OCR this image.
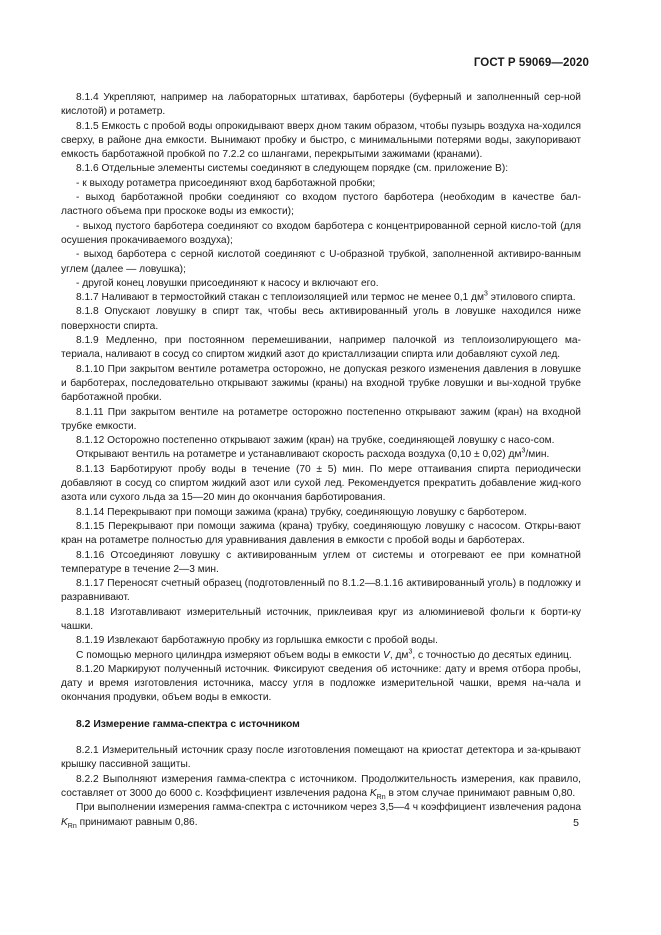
ГОСТ Р 59069—2020

8.1.4 Укрепляют, например на лабораторных штативах, барботеры (буферный и заполненный сер-ной кислотой) и ротаметр.

8.1.5 Емкость с пробой воды опрокидывают вверх дном таким образом, чтобы пузырь воздуха на-ходился сверху, в районе дна емкости. Вынимают пробку и быстро, с минимальными потерями воды, закупоривают емкость барботажной пробкой по 7.2.2 со шлангами, перекрытыми зажимами (кранами).

8.1.6 Отдельные элементы системы соединяют в следующем порядке (см. приложение В):

- к выходу ротаметра присоединяют вход барботажной пробки;

- выход барботажной пробки соединяют со входом пустого барботера (необходим в качестве бал-ластного объема при проскоке воды из емкости);

- выход пустого барботера соединяют со входом барботера с концентрированной серной кисло-той (для осушения прокачиваемого воздуха);

- выход барботера с серной кислотой соединяют с U-образной трубкой, заполненной активиро-ванным углем (далее — ловушка);

- другой конец ловушки присоединяют к насосу и включают его.

8.1.7 Наливают в термостойкий стакан с теплоизоляцией или термос не менее 0,1 $дм^3$ этилового спирта.

8.1.8 Опускают ловушку в спирт так, чтобы весь активированный уголь в ловушке находился ниже поверхности спирта.

8.1.9 Медленно, при постоянном перемешивании, например палочкой из теплоизолирующего ма-териала, наливают в сосуд со спиртом жидкий азот до кристаллизации спирта или добавляют сухой лед.

8.1.10 При закрытом вентиле ротаметра осторожно, не допуская резкого изменения давления в ловушке и барботерах, последовательно открывают зажимы (краны) на входной трубке ловушки и вы-ходной трубке барботажной пробки.

8.1.11 При закрытом вентиле на ротаметре осторожно постепенно открывают зажим (кран) на входной трубке емкости.

8.1.12 Осторожно постепенно открывают зажим (кран) на трубке, соединяющей ловушку с насо-сом.

Открывают вентиль на ротаметре и устанавливают скорость расхода воздуха (0,10 ± 0,02) $дм^3$/мин.

8.1.13 Барботируют пробу воды в течение (70 ± 5) мин. По мере оттаивания спирта периодически добавляют в сосуд со спиртом жидкий азот или сухой лед. Рекомендуется прекратить добавление жид-кого азота или сухого льда за 15—20 мин до окончания барботирования.

8.1.14 Перекрывают при помощи зажима (крана) трубку, соединяющую ловушку с барботером.

8.1.15 Перекрывают при помощи зажима (крана) трубку, соединяющую ловушку с насосом. Откры-вают кран на ротаметре полностью для уравнивания давления в емкости с пробой воды и барботерах.

8.1.16 Отсоединяют ловушку с активированным углем от системы и отогревают ее при комнатной температуре в течение 2—3 мин.

8.1.17 Переносят счетный образец (подготовленный по 8.1.2—8.1.16 активированный уголь) в подложку и разравнивают.

8.1.18 Изготавливают измерительный источник, приклеивая круг из алюминиевой фольги к борти-ку чашки.

8.1.19 Извлекают барботажную пробку из горлышка емкости с пробой воды.

С помощью мерного цилиндра измеряют объем воды в емкости V, $дм^3$, с точностью до десятых единиц.

8.1.20 Маркируют полученный источник. Фиксируют сведения об источнике: дату и время отбора пробы, дату и время изготовления источника, массу угля в подложке измерительной чашки, время на-чала и окончания продувки, объем воды в емкости.

8.2 Измерение гамма-спектра с источником

8.2.1 Измерительный источник сразу после изготовления помещают на криостат детектора и за-крывают крышку пассивной защиты.

8.2.2 Выполняют измерения гамма-спектра с источником. Продолжительность измерения, как правило, составляет от 3000 до 6000 с. Коэффициент извлечения радона $K_{Rn}$ в этом случае принимают равным 0,80.

При выполнении измерения гамма-спектра с источником через 3,5—4 ч коэффициент извлечения радона $K_{Rn}$ принимают равным 0,86.	5
